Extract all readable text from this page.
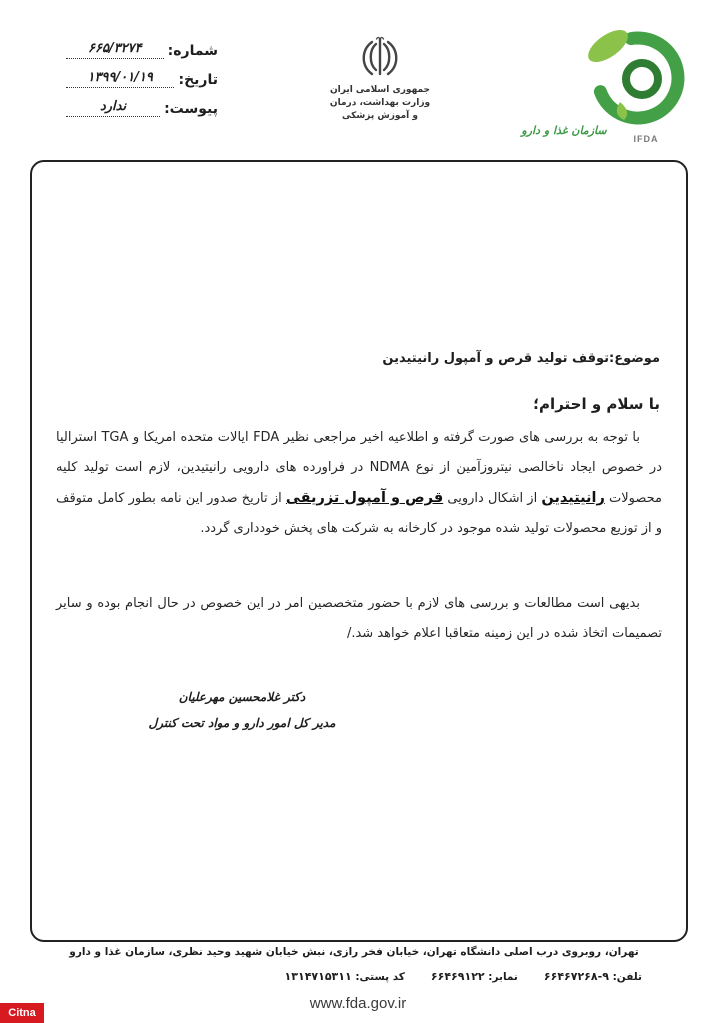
شماره:
۶۶۵/۳۲۷۴
تاریخ:
۱۳۹۹/۰۱/۱۹
پیوست:
ندارد
جمهوری اسلامی ایران
وزارت بهداشت، درمان
و آموزش پزشکی
سازمان غذا و دارو
IFDA
موضوع:توقف تولید قرص و آمپول رانیتیدین
با سلام و احترام؛
با توجه به بررسی های صورت گرفته و اطلاعیه اخیر مراجعی نظیر FDA ایالات متحده امریکا و TGA استرالیا در خصوص ایجاد ناخالصی نیتروزآمین از نوع NDMA در فراورده های دارویی رانیتیدین، لازم است تولید کلیه محصولات رانیتیدین از اشکال دارویی قرص و آمپول تزریقی از تاریخ صدور این نامه بطور کامل متوقف و از توزیع محصولات تولید شده موجود در کارخانه به شرکت های پخش خودداری گردد.
بدیهی است مطالعات و بررسی های لازم با حضور متخصصین امر در این خصوص در حال انجام بوده و سایر تصمیمات اتخاذ شده در این زمینه متعاقبا اعلام خواهد شد./
دکتر غلامحسین مهرعلیان
مدیر کل امور دارو و مواد تحت کنترل
تهران، روبروی درب اصلی دانشگاه تهران، خیابان فخر رازی، نبش خیابان شهید وحید نظری، سازمان غذا و دارو
تلفن: ۹-۶۶۴۶۷۲۶۸
نمابر: ۶۶۴۶۹۱۲۲
کد پستی: ۱۳۱۴۷۱۵۳۱۱
www.fda.gov.ir
Citna
